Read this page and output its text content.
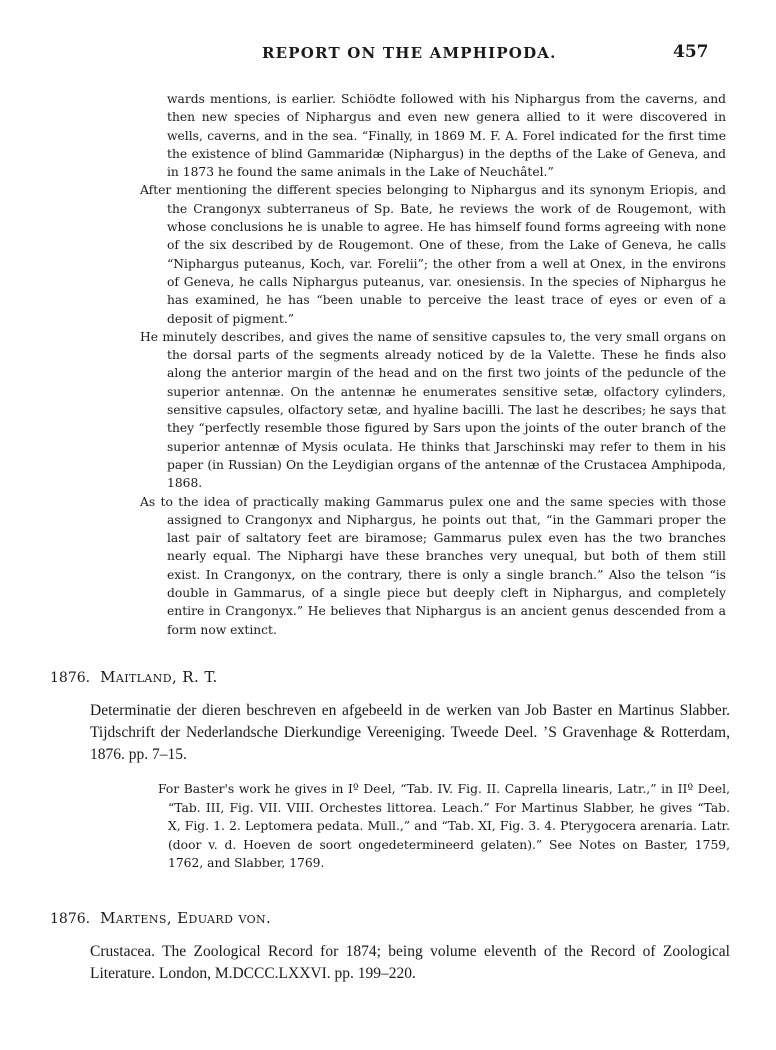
REPORT ON THE AMPHIPODA.	457

wards mentions, is earlier. Schiödte followed with his Niphargus from the caverns, and then new species of Niphargus and even new genera allied to it were discovered in wells, caverns, and in the sea. “Finally, in 1869 M. F. A. Forel indicated for the first time the existence of blind Gammaridæ (Niphargus) in the depths of the Lake of Geneva, and in 1873 he found the same animals in the Lake of Neuchâtel.”

After mentioning the different species belonging to Niphargus and its synonym Eriopis, and the Crangonyx subterraneus of Sp. Bate, he reviews the work of de Rougemont, with whose conclusions he is unable to agree. He has himself found forms agreeing with none of the six described by de Rougemont. One of these, from the Lake of Geneva, he calls “Niphargus puteanus, Koch, var. Forelii”; the other from a well at Onex, in the environs of Geneva, he calls Niphargus puteanus, var. onesiensis. In the species of Niphargus he has examined, he has “been unable to perceive the least trace of eyes or even of a deposit of pigment.”

He minutely describes, and gives the name of sensitive capsules to, the very small organs on the dorsal parts of the segments already noticed by de la Valette. These he finds also along the anterior margin of the head and on the first two joints of the peduncle of the superior antennæ. On the antennæ he enumerates sensitive setæ, olfactory cylinders, sensitive capsules, olfactory setæ, and hyaline bacilli. The last he describes; he says that they “perfectly resemble those figured by Sars upon the joints of the outer branch of the superior antennæ of Mysis oculata. He thinks that Jarschinski may refer to them in his paper (in Russian) On the Leydigian organs of the antennæ of the Crustacea Amphipoda, 1868.

As to the idea of practically making Gammarus pulex one and the same species with those assigned to Crangonyx and Niphargus, he points out that, “in the Gammari proper the last pair of saltatory feet are biramose; Gammarus pulex even has the two branches nearly equal. The Niphargi have these branches very unequal, but both of them still exist. In Crangonyx, on the contrary, there is only a single branch.” Also the telson “is double in Gammarus, of a single piece but deeply cleft in Niphargus, and completely entire in Crangonyx.” He believes that Niphargus is an ancient genus descended from a form now extinct.

1876. Maitland, R. T.
Determinatie der dieren beschreven en afgebeeld in de werken van Job Baster en Martinus Slabber. Tijdschrift der Nederlandsche Dierkundige Vereeniging. Tweede Deel. ’S Gravenhage & Rotterdam, 1876. pp. 7–15.

For Baster's work he gives in Iº Deel, “Tab. IV. Fig. II. Caprella linearis, Latr.,” in IIº Deel, “Tab. III, Fig. VII. VIII. Orchestes littorea. Leach.” For Martinus Slabber, he gives “Tab. X, Fig. 1. 2. Leptomera pedata. Mull.,” and “Tab. XI, Fig. 3. 4. Pterygocera arenaria. Latr. (door v. d. Hoeven de soort ongedetermineerd gelaten).” See Notes on Baster, 1759, 1762, and Slabber, 1769.

1876. Martens, Eduard von.
Crustacea. The Zoological Record for 1874; being volume eleventh of the Record of Zoological Literature. London, M.DCCC.LXXVI. pp. 199–220.
